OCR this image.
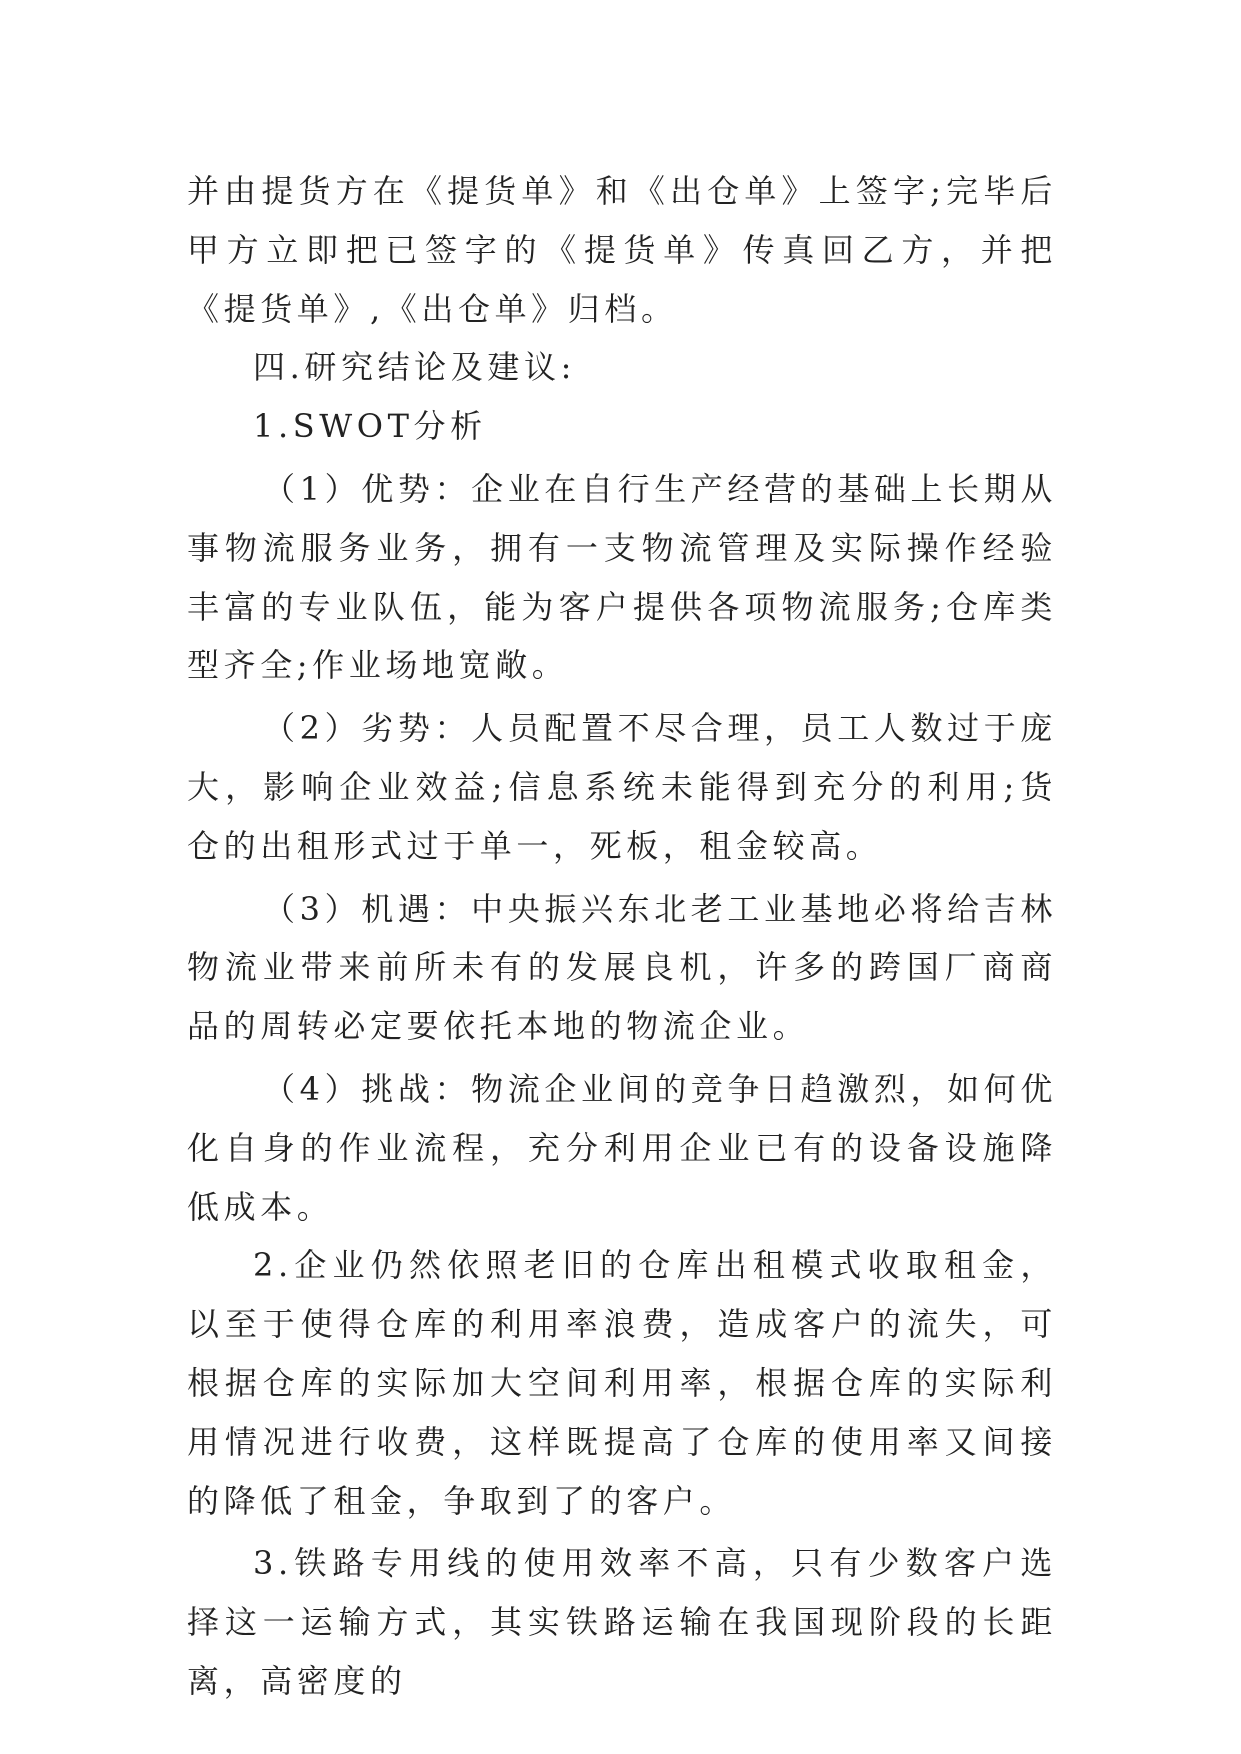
并由提货方在《提货单》和《出仓单》上签字;完毕后甲方立即把已签字的《提货单》传真回乙方，并把《提货单》,《出仓单》归档。

四.研究结论及建议:

1.SWOT分析

（1）优势：企业在自行生产经营的基础上长期从事物流服务业务，拥有一支物流管理及实际操作经验丰富的专业队伍，能为客户提供各项物流服务;仓库类型齐全;作业场地宽敞。

（2）劣势：人员配置不尽合理，员工人数过于庞大，影响企业效益;信息系统未能得到充分的利用;货仓的出租形式过于单一，死板，租金较高。

（3）机遇：中央振兴东北老工业基地必将给吉林物流业带来前所未有的发展良机，许多的跨国厂商商品的周转必定要依托本地的物流企业。

（4）挑战：物流企业间的竞争日趋激烈，如何优化自身的作业流程，充分利用企业已有的设备设施降低成本。

2.企业仍然依照老旧的仓库出租模式收取租金，以至于使得仓库的利用率浪费，造成客户的流失，可根据仓库的实际加大空间利用率，根据仓库的实际利用情况进行收费，这样既提高了仓库的使用率又间接的降低了租金，争取到了的客户。

3.铁路专用线的使用效率不高，只有少数客户选择这一运输方式，其实铁路运输在我国现阶段的长距离，高密度的
